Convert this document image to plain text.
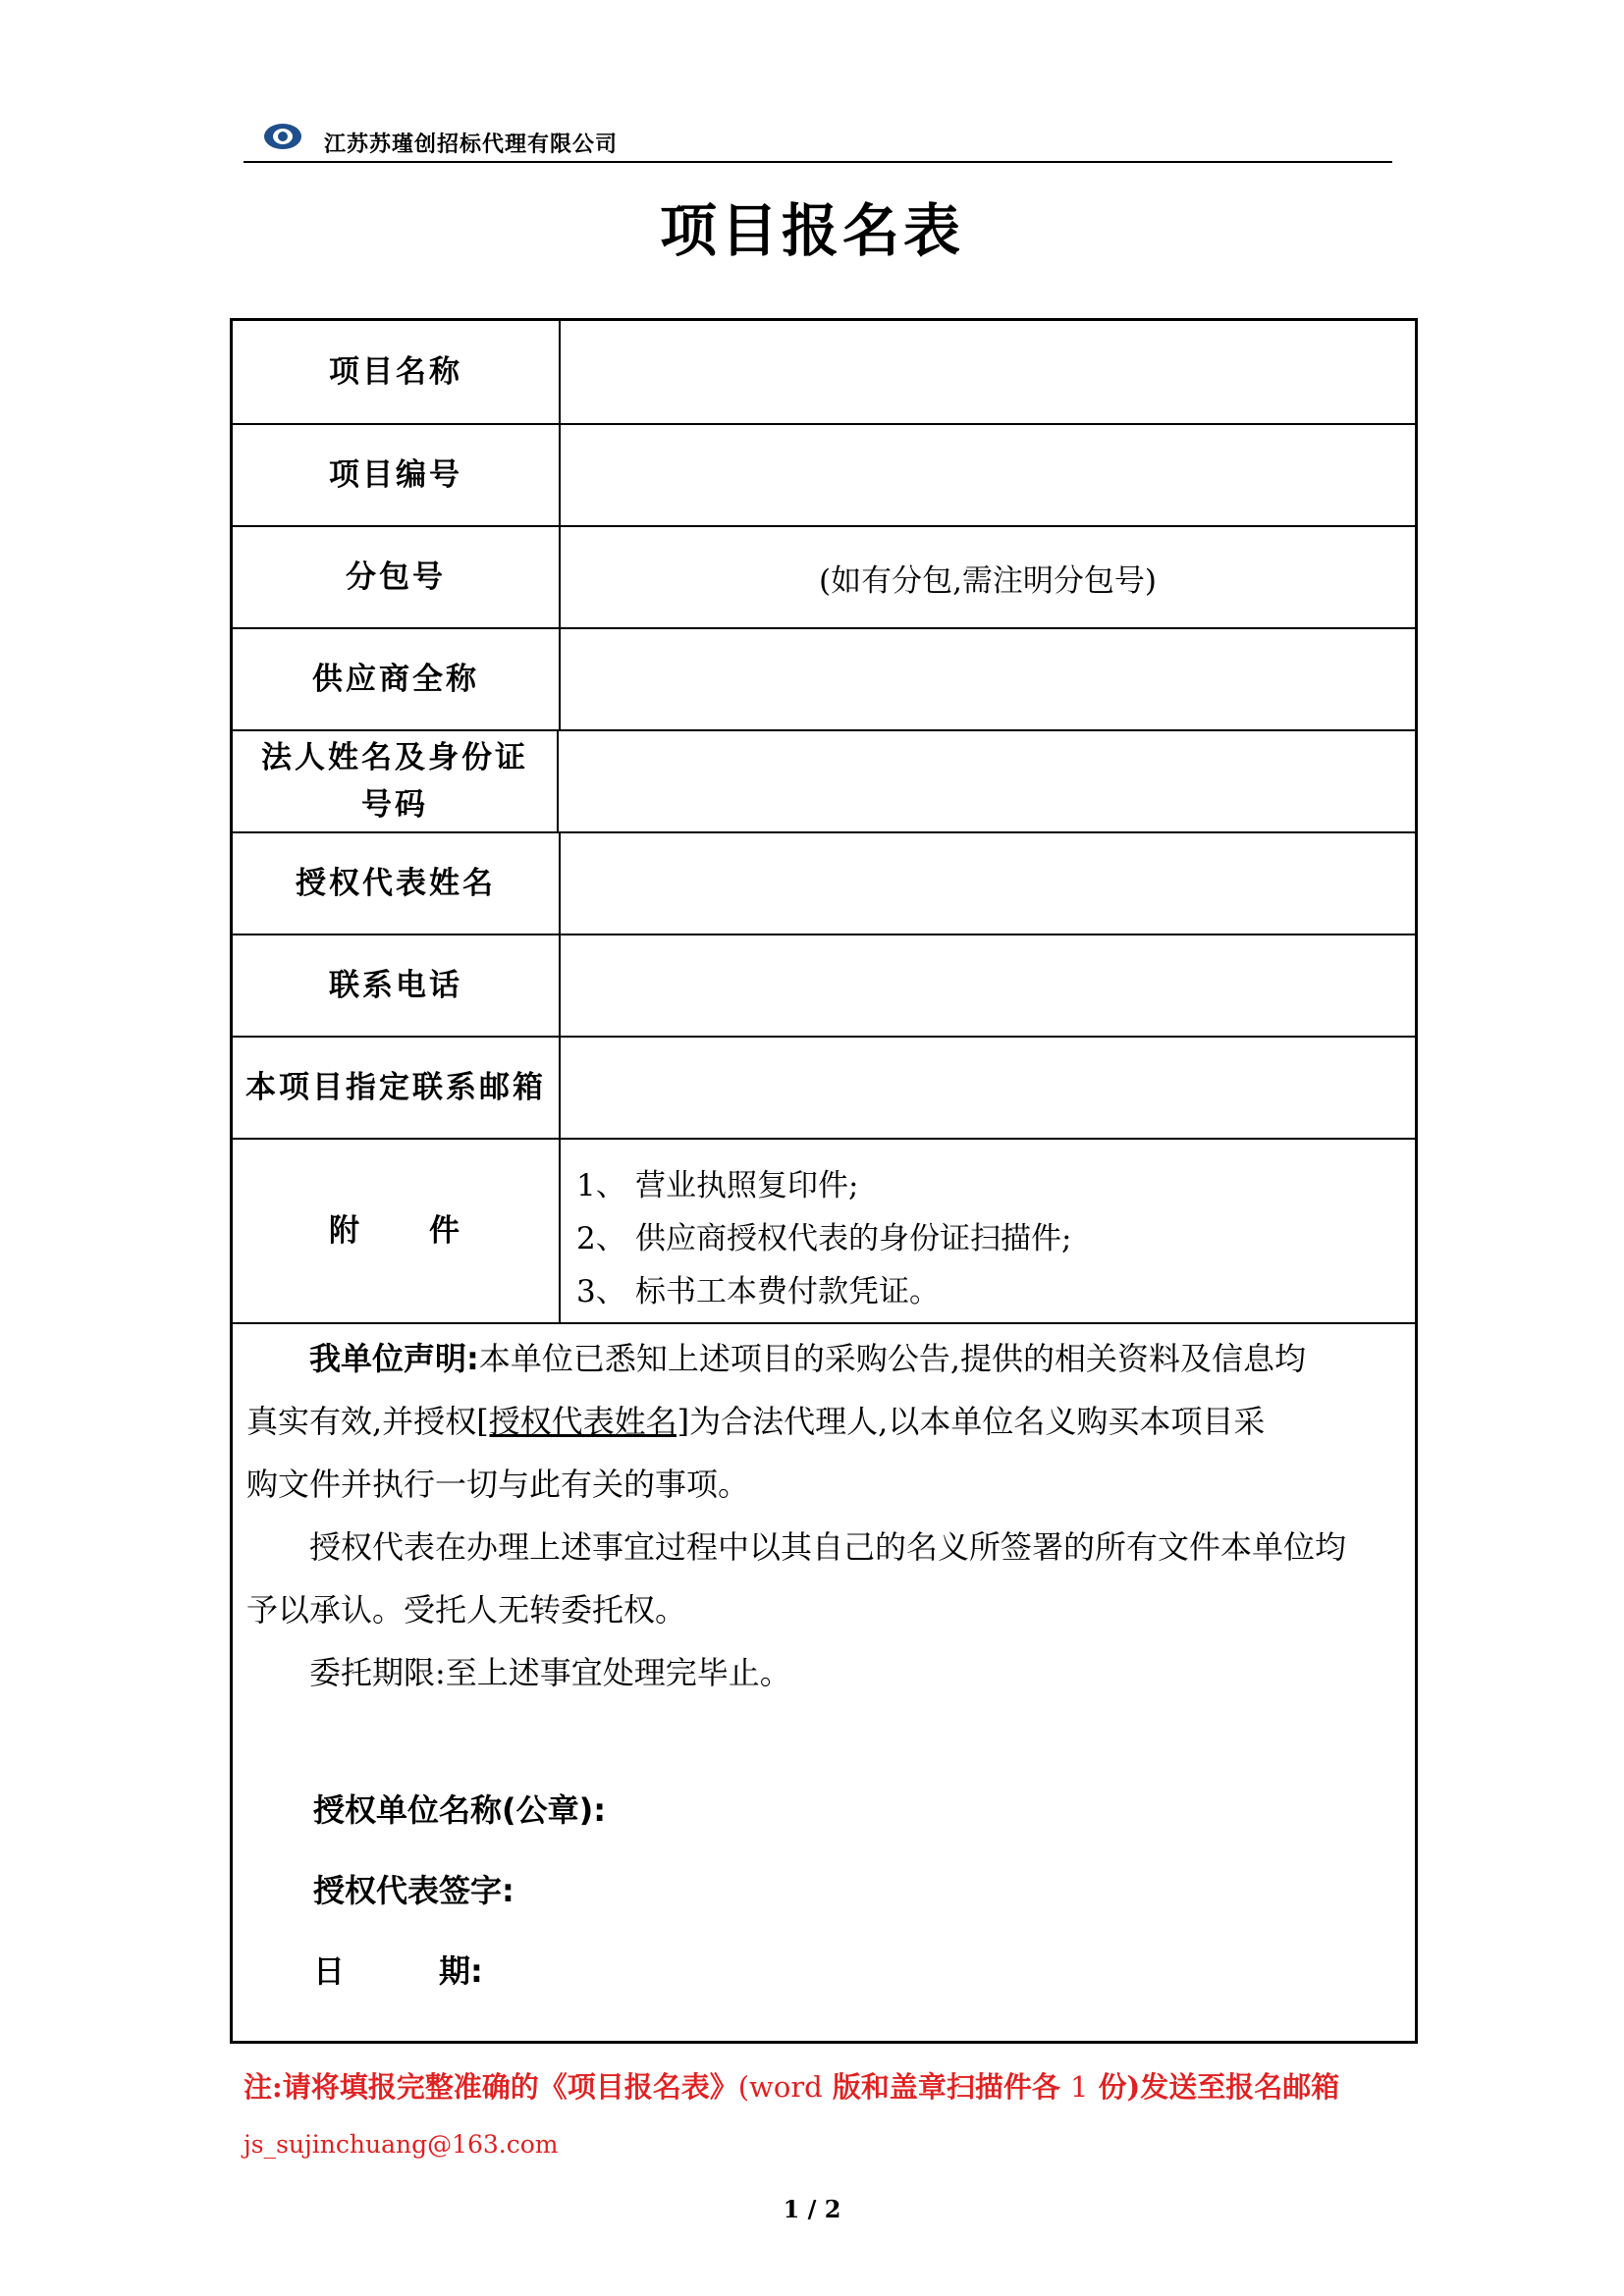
江苏苏瑾创招标代理有限公司
项目报名表
项目名称
项目编号
分包号	(如有分包,需注明分包号)
供应商全称
法人姓名及身份证号码
授权代表姓名
联系电话
本项目指定联系邮箱
附　　件
1、 营业执照复印件;
2、 供应商授权代表的身份证扫描件;
3、 标书工本费付款凭证。
我单位声明:本单位已悉知上述项目的采购公告,提供的相关资料及信息均
真实有效,并授权[授权代表姓名]为合法代理人,以本单位名义购买本项目采
购文件并执行一切与此有关的事项。
授权代表在办理上述事宜过程中以其自己的名义所签署的所有文件本单位均
予以承认。受托人无转委托权。
委托期限:至上述事宜处理完毕止。
授权单位名称(公章):
授权代表签字:
日　　　期:
注:请将填报完整准确的《项目报名表》(word 版和盖章扫描件各 1 份)发送至报名邮箱
js_sujinchuang@163.com
1 / 2
